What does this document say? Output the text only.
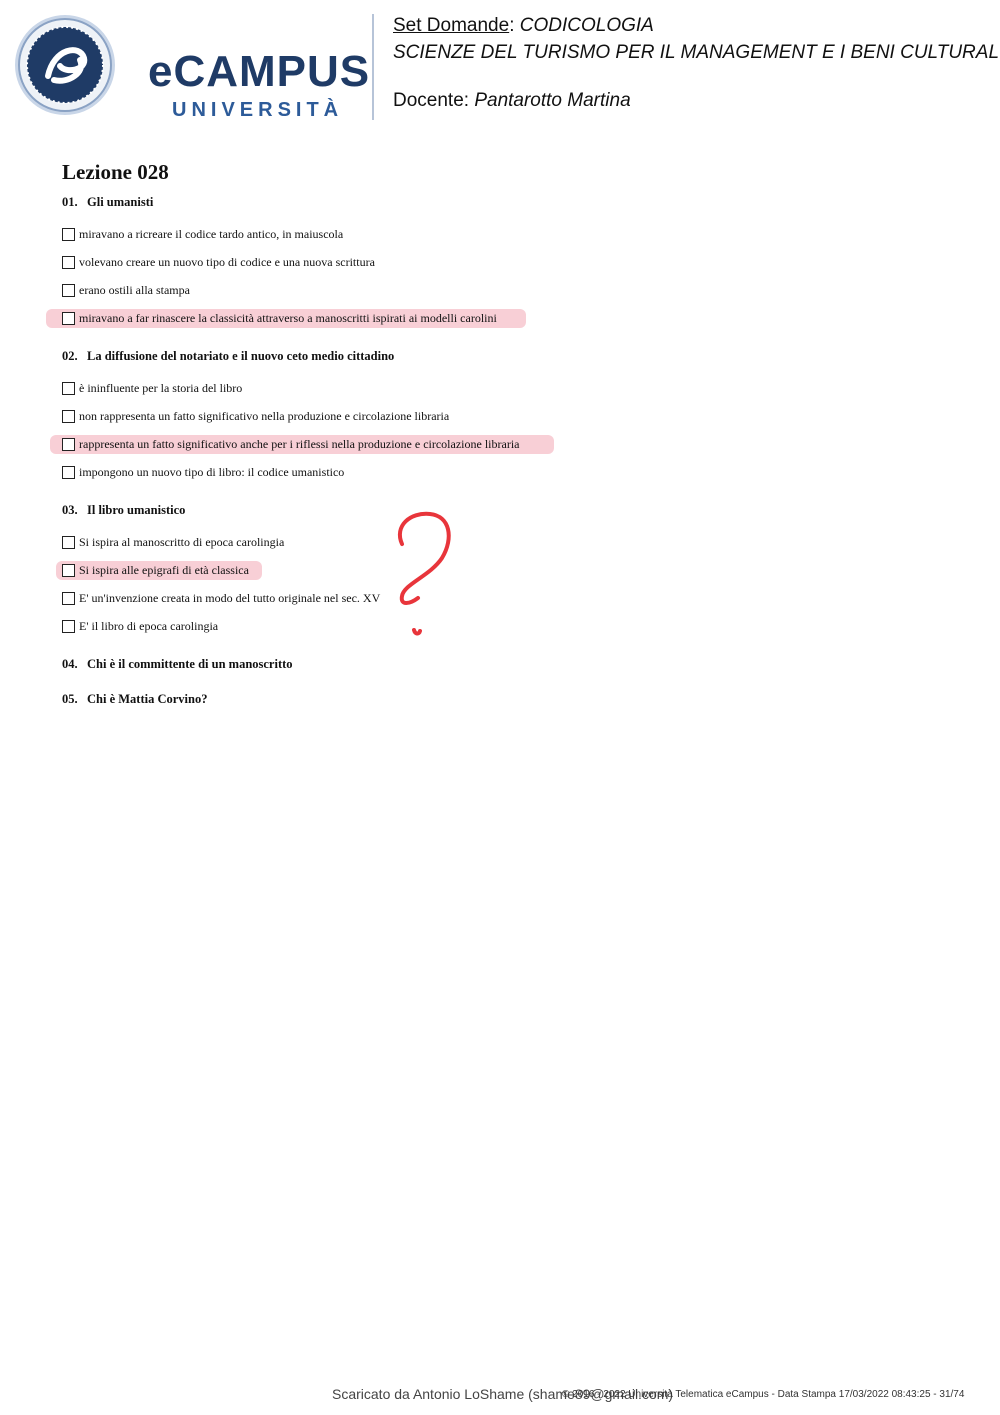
eCAMPUS
UNIVERSITÀ
Set Domande: CODICOLOGIA
SCIENZE DEL TURISMO PER IL MANAGEMENT E I BENI CULTURAL
Docente: Pantarotto Martina
Lezione 028
01. Gli umanisti
miravano a ricreare il codice tardo antico, in maiuscola
volevano creare un nuovo tipo di codice e una nuova scrittura
erano ostili alla stampa
miravano a far rinascere la classicità attraverso a manoscritti ispirati ai modelli carolini
02. La diffusione del notariato e il nuovo ceto medio cittadino
è ininfluente per la storia del libro
non rappresenta un fatto significativo nella produzione e circolazione libraria
rappresenta un fatto significativo anche per i riflessi nella produzione e circolazione libraria
impongono un nuovo tipo di libro: il codice umanistico
03. Il libro umanistico
Si ispira al manoscritto di epoca carolingia
Si ispira alle epigrafi di età classica
E' un'invenzione creata in modo del tutto originale nel sec. XV
E' il libro di epoca carolingia
04. Chi è il committente di un manoscritto
05. Chi è Mattia Corvino?
Scaricato da Antonio LoShame (shame89@gmail.com)
© 2016 - 2022 Università Telematica eCampus - Data Stampa 17/03/2022 08:43:25 - 31/74
